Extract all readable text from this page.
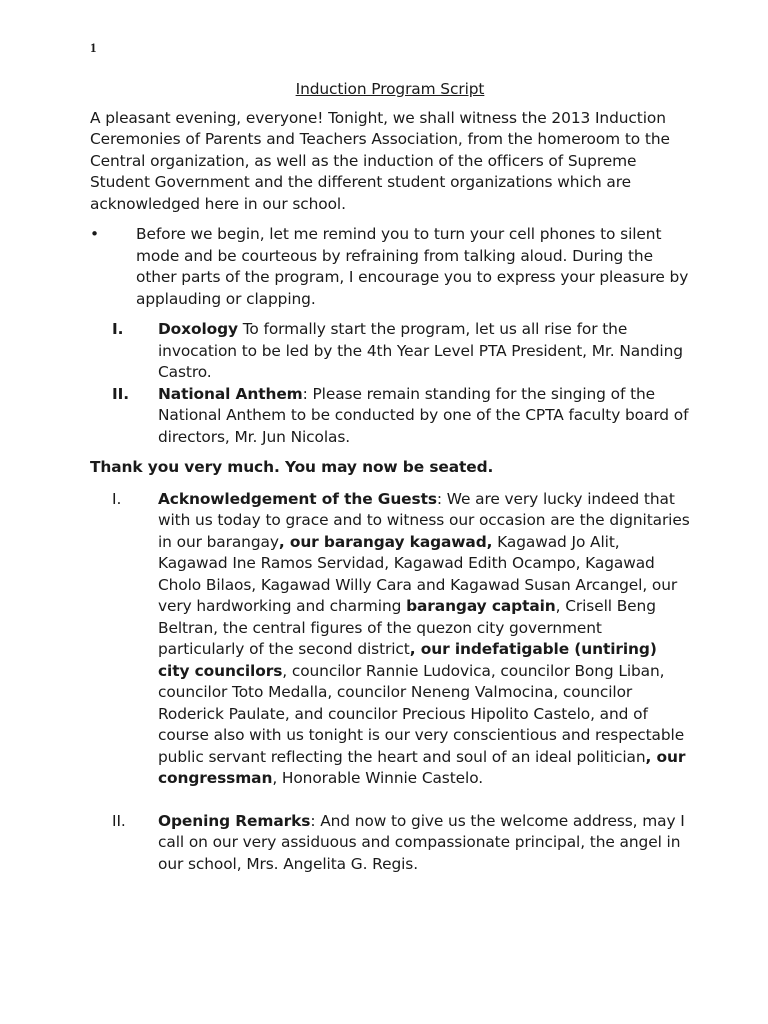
1

Induction Program Script

A pleasant evening, everyone! Tonight, we shall witness the 2013 Induction Ceremonies of Parents and Teachers Association, from the homeroom to the Central organization, as well as the induction of the officers of Supreme Student Government and the different student organizations which are acknowledged here in our school.

• Before we begin, let me remind you to turn your cell phones to silent mode and be courteous by refraining from talking aloud. During the other parts of the program, I encourage you to express your pleasure by applauding or clapping.

I. Doxology To formally start the program, let us all rise for the invocation to be led by the 4th Year Level PTA President, Mr. Nanding Castro.
II. National Anthem: Please remain standing for the singing of the National Anthem to be conducted by one of the CPTA faculty board of directors, Mr. Jun Nicolas.

Thank you very much. You may now be seated.

I. Acknowledgement of the Guests: We are very lucky indeed that with us today to grace and to witness our occasion are the dignitaries in our barangay, our barangay kagawad, Kagawad Jo Alit, Kagawad Ine Ramos Servidad, Kagawad Edith Ocampo, Kagawad Cholo Bilaos, Kagawad Willy Cara and Kagawad Susan Arcangel, our very hardworking and charming barangay captain, Crisell Beng Beltran, the central figures of the quezon city government particularly of the second district, our indefatigable (untiring) city councilors, councilor Rannie Ludovica, councilor Bong Liban, councilor Toto Medalla, councilor Neneng Valmocina, councilor Roderick Paulate, and councilor Precious Hipolito Castelo, and of course also with us tonight is our very conscientious and respectable public servant reflecting the heart and soul of an ideal politician, our congressman, Honorable Winnie Castelo.
II. Opening Remarks: And now to give us the welcome address, may I call on our very assiduous and compassionate principal, the angel in our school, Mrs. Angelita G. Regis.
